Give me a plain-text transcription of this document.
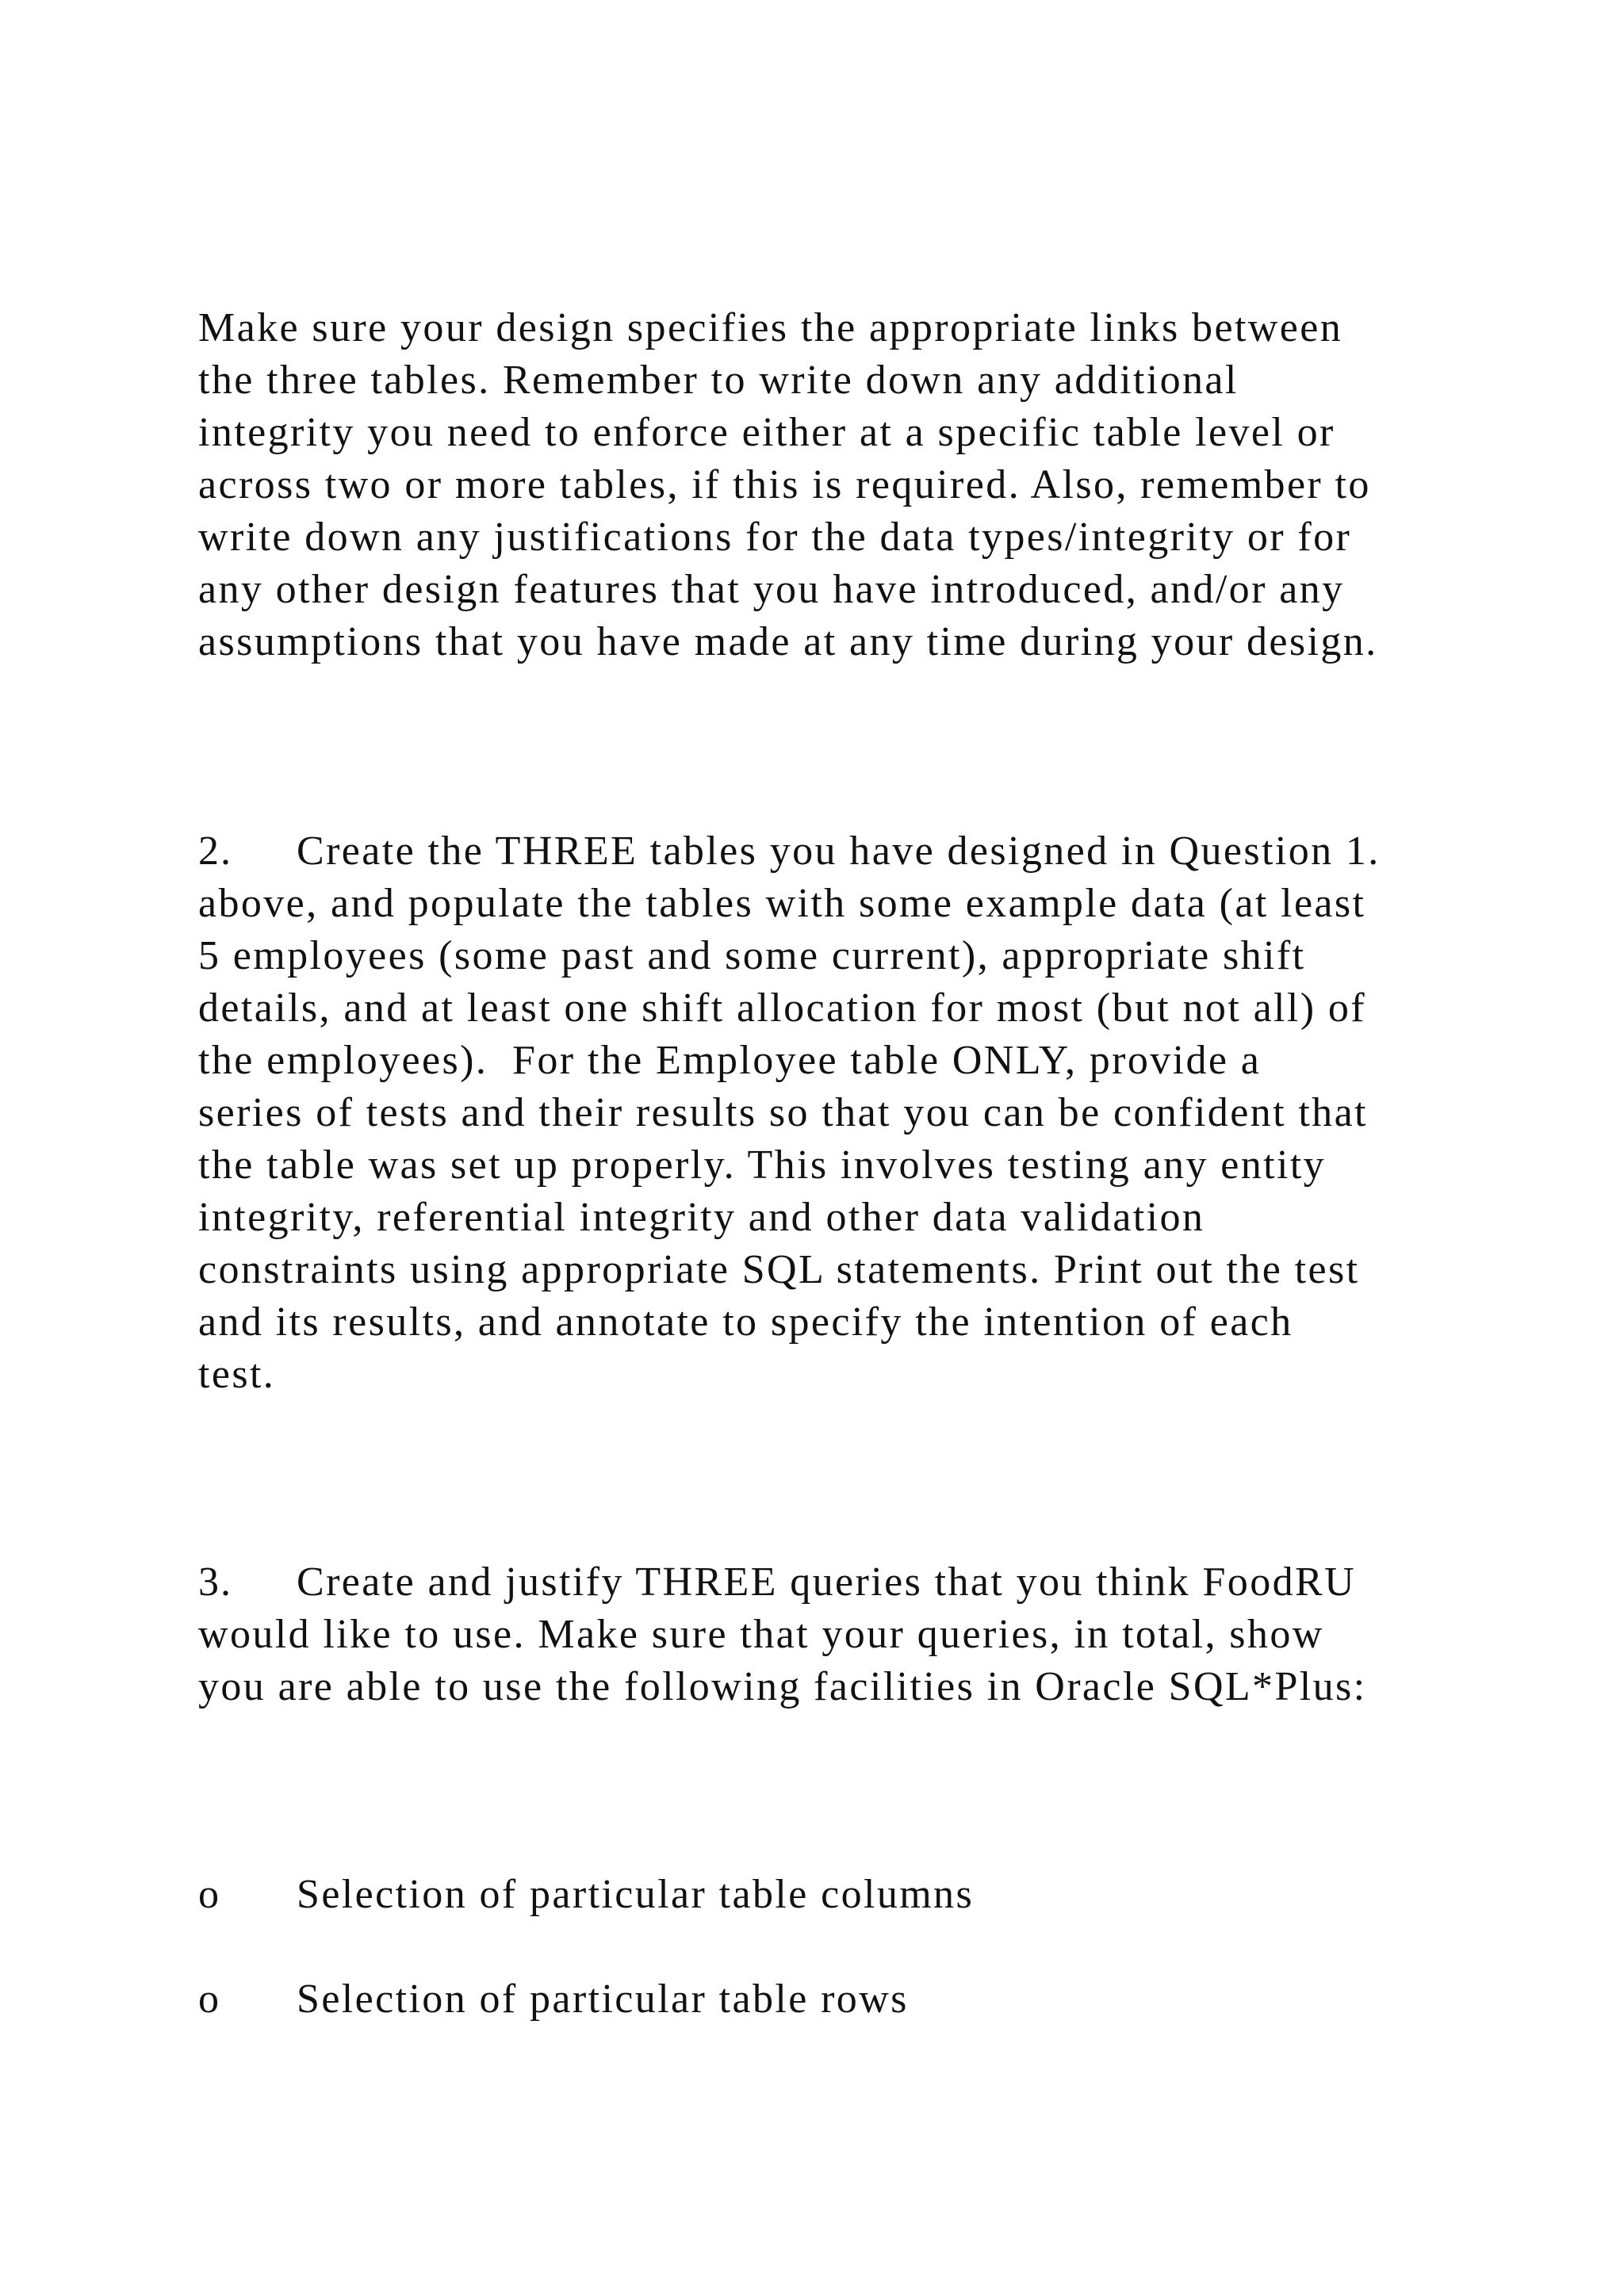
Make sure your design specifies the appropriate links between

the three tables. Remember to write down any additional

integrity you need to enforce either at a specific table level or

across two or more tables, if this is required. Also, remember to

write down any justifications for the data types/integrity or for

any other design features that you have introduced, and/or any

assumptions that you have made at any time during your design.

2. Create the THREE tables you have designed in Question 1.

above, and populate the tables with some example data (at least

5 employees (some past and some current), appropriate shift

details, and at least one shift allocation for most (but not all) of

the employees).  For the Employee table ONLY, provide a

series of tests and their results so that you can be confident that

the table was set up properly. This involves testing any entity

integrity, referential integrity and other data validation

constraints using appropriate SQL statements. Print out the test

and its results, and annotate to specify the intention of each

test.

3. Create and justify THREE queries that you think FoodRU

would like to use. Make sure that your queries, in total, show

you are able to use the following facilities in Oracle SQL*Plus:

o Selection of particular table columns

o Selection of particular table rows
